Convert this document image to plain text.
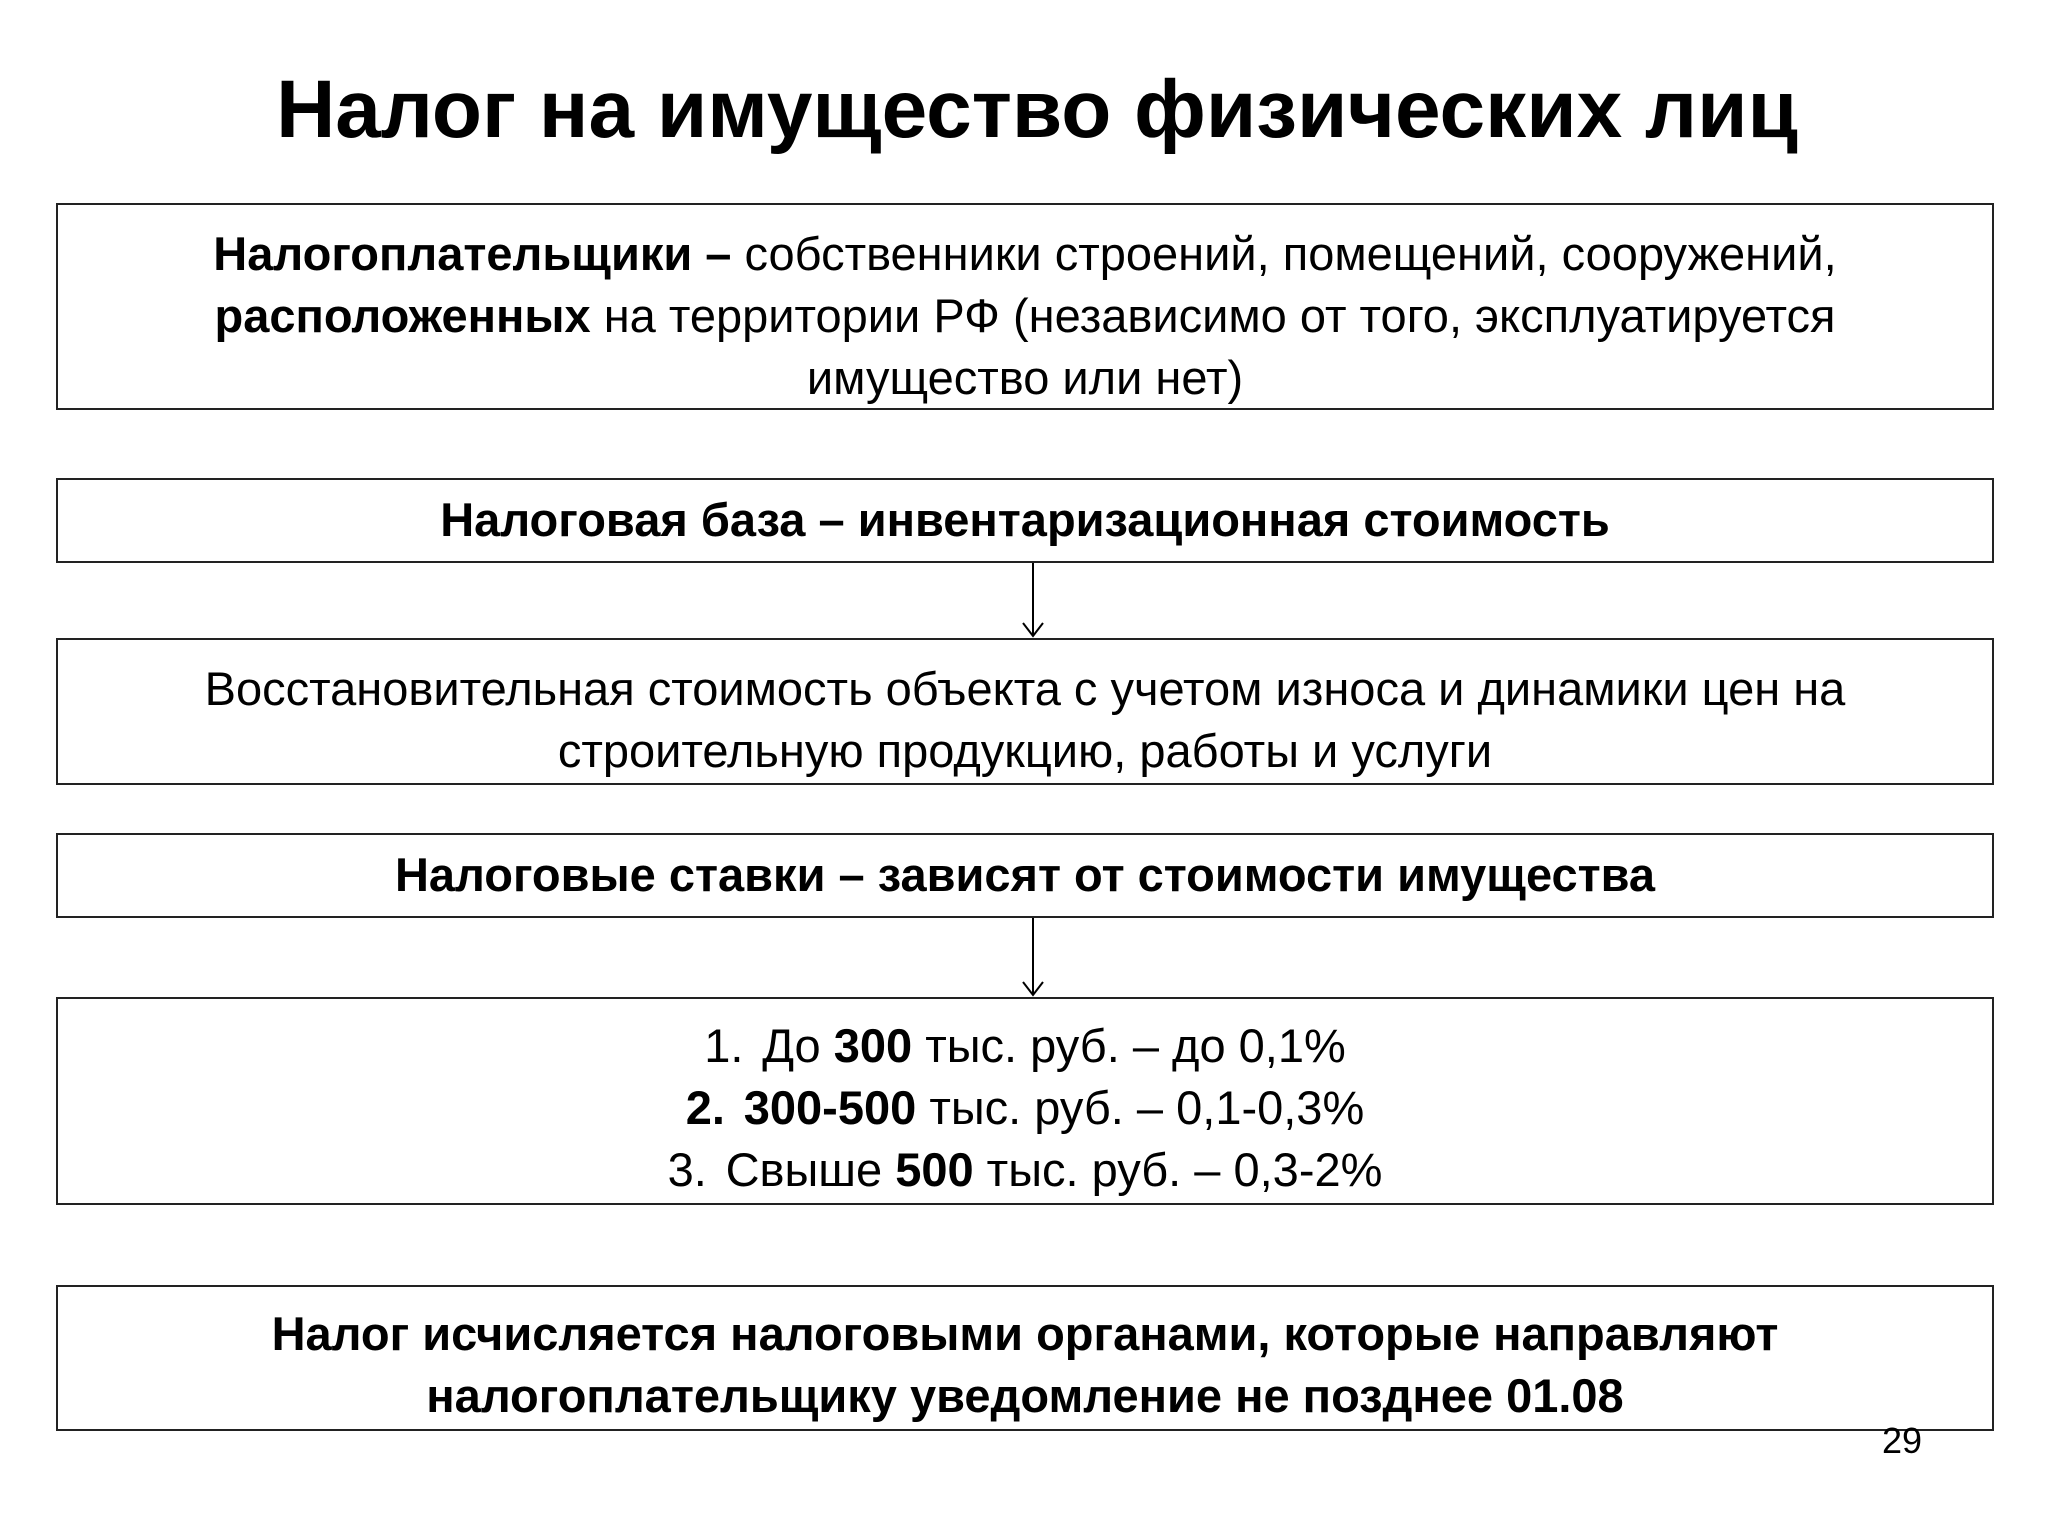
Налог на имущество физических лиц
Налогоплательщики – собственники строений, помещений, сооружений,
расположенных на территории РФ (независимо от того, эксплуатируется
имущество или нет)
Налоговая база – инвентаризационная стоимость
Восстановительная стоимость объекта с учетом износа и динамики цен на
строительную продукцию, работы и услуги
Налоговые ставки – зависят от стоимости имущества
1. До 300 тыс. руб. – до 0,1%
2. 300-500 тыс. руб. – 0,1-0,3%
3. Свыше 500 тыс. руб. – 0,3-2%
Налог исчисляется налоговыми органами, которые направляют
налогоплательщику уведомление не позднее 01.08
29
